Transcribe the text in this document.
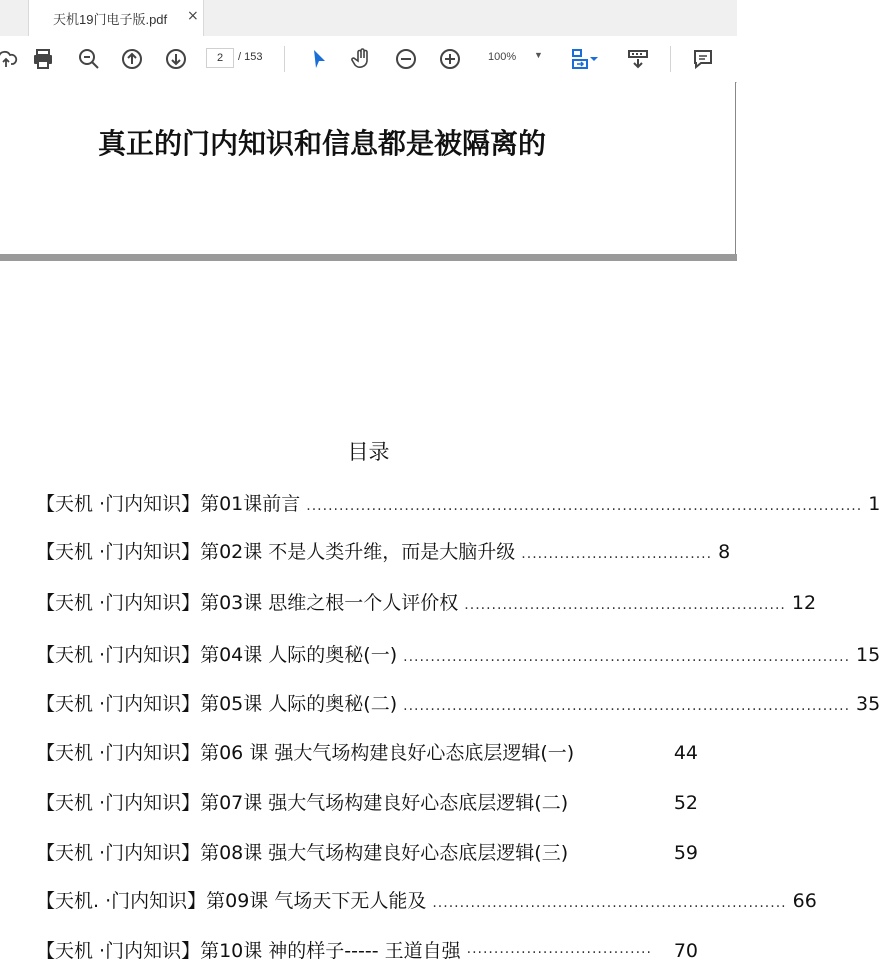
天机19门电子版.pdf ×
2	/ 153	100% ▼
真正的门内知识和信息都是被隔离的
目录
【天机 ·门内知识】第01课前言 ...................................................................................................... 1
【天机 ·门内知识】第02课 不是人类升维，而是大脑升级 ................................... 8
【天机 ·门内知识】第03课 思维之根一个人评价权 ........................................................... 12
【天机 ·门内知识】第04课 人际的奥秘(一) .................................................................................. 15
【天机 ·门内知识】第05课 人际的奥秘(二) .................................................................................. 35
【天机 ·门内知识】第06 课 强大气场构建良好心态底层逻辑(一)	44
【天机 ·门内知识】第07课 强大气场构建良好心态底层逻辑(二)	52
【天机 ·门内知识】第08课 强大气场构建良好心态底层逻辑(三)	59
【天机. ·门内知识】第09课 气场天下无人能及 ................................................................. 66
【天机 ·门内知识】第10课 神的样子----- 王道自强 ··································	70
